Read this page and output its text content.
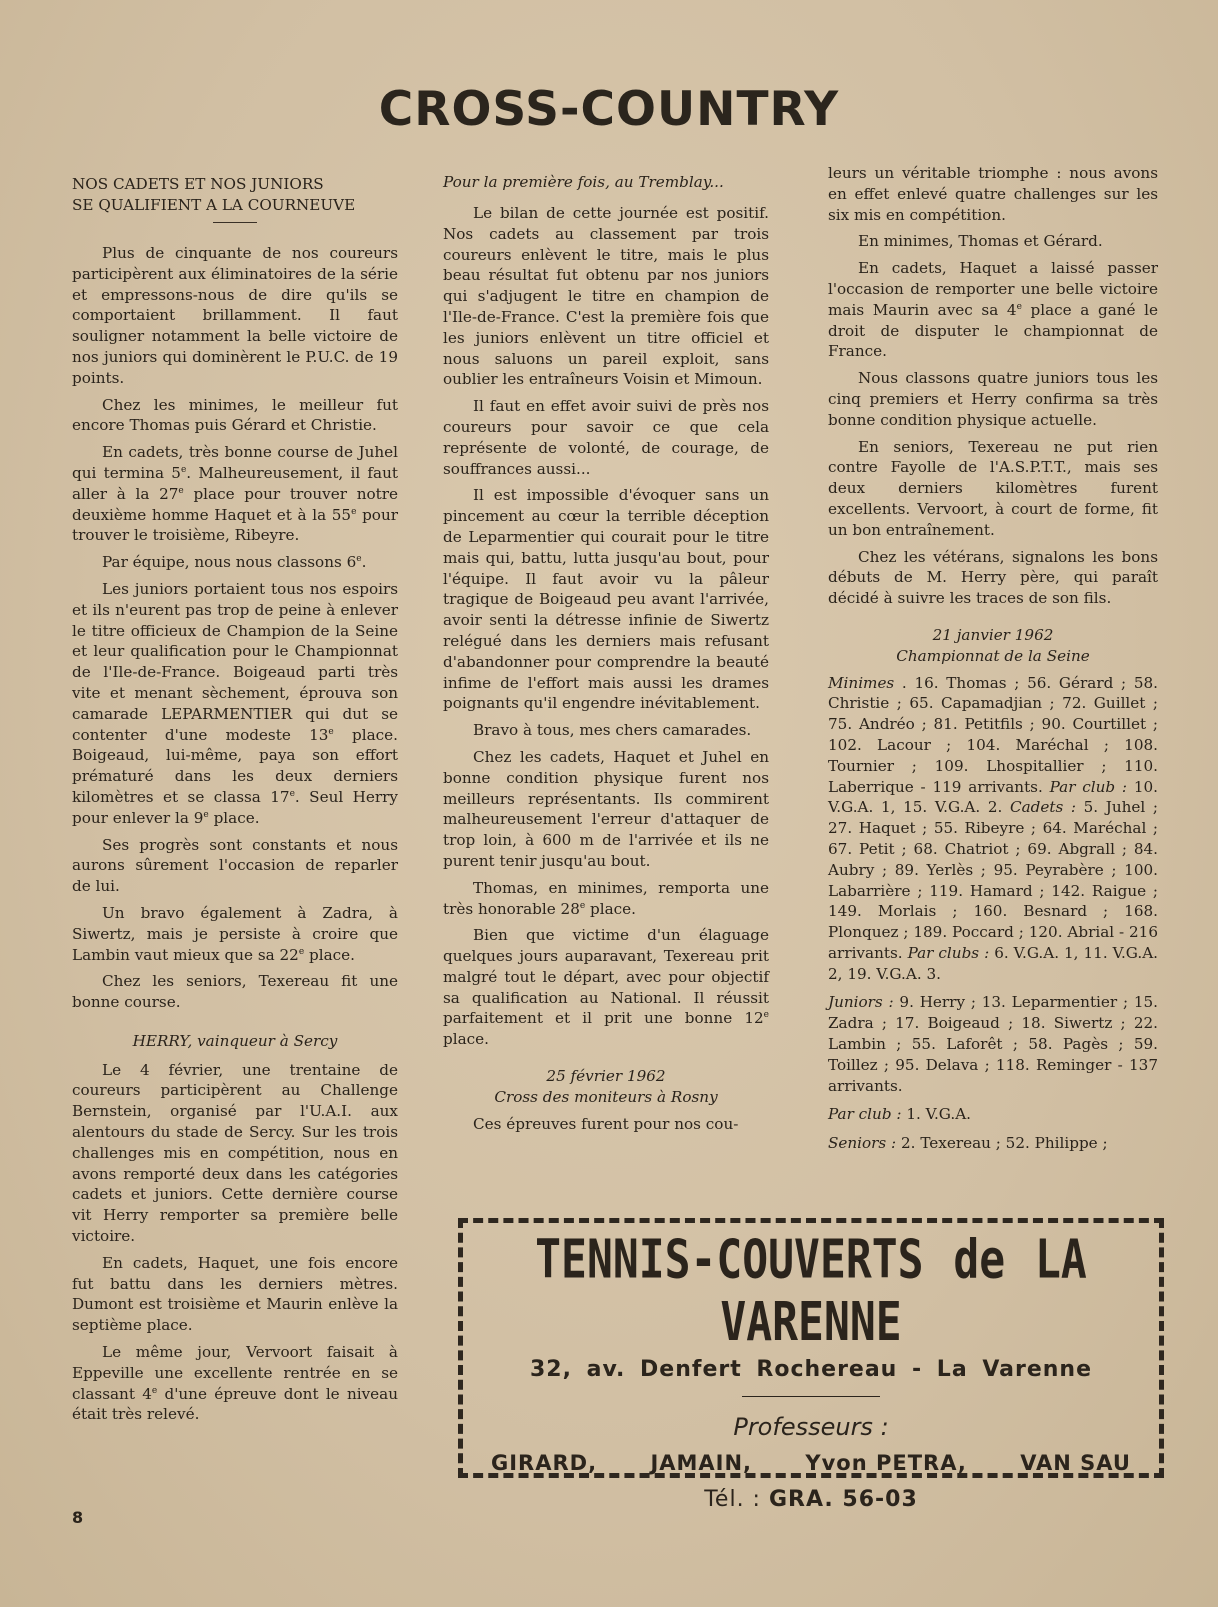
CROSS-COUNTRY

NOS CADETS ET NOS JUNIORS

SE QUALIFIENT A LA COURNEUVE

Plus de cinquante de nos coureurs participèrent aux éliminatoires de la série et empressons-nous de dire qu'ils se comportaient brillamment. Il faut souligner notamment la belle victoire de nos juniors qui dominèrent le P.U.C. de 19 points.

Chez les minimes, le meilleur fut encore Thomas puis Gérard et Christie.

En cadets, très bonne course de Juhel qui termina 5e. Malheureusement, il faut aller à la 27e place pour trouver notre deuxième homme Haquet et à la 55e pour trouver le troisième, Ribeyre.

Par équipe, nous nous classons 6e.

Les juniors portaient tous nos espoirs et ils n'eurent pas trop de peine à enlever le titre officieux de Champion de la Seine et leur qualification pour le Championnat de l'Ile-de-France. Boigeaud parti très vite et menant sèchement, éprouva son camarade LEPARMENTIER qui dut se contenter d'une modeste 13e place. Boigeaud, lui-même, paya son effort prématuré dans les deux derniers kilomètres et se classa 17e. Seul Herry pour enlever la 9e place.

Ses progrès sont constants et nous aurons sûrement l'occasion de reparler de lui.

Un bravo également à Zadra, à Siwertz, mais je persiste à croire que Lambin vaut mieux que sa 22e place.

Chez les seniors, Texereau fit une bonne course.

HERRY, vainqueur à Sercy

Le 4 février, une trentaine de coureurs participèrent au Challenge Bernstein, organisé par l'U.A.I. aux alentours du stade de Sercy. Sur les trois challenges mis en compétition, nous en avons remporté deux dans les catégories cadets et juniors. Cette dernière course vit Herry remporter sa première belle victoire.

En cadets, Haquet, une fois encore fut battu dans les derniers mètres. Dumont est troisième et Maurin enlève la septième place.

Le même jour, Vervoort faisait à Eppeville une excellente rentrée en se classant 4e d'une épreuve dont le niveau était très relevé.

Pour la première fois, au Tremblay...

Le bilan de cette journée est positif. Nos cadets au classement par trois coureurs enlèvent le titre, mais le plus beau résultat fut obtenu par nos juniors qui s'adjugent le titre en champion de l'Ile-de-France. C'est la première fois que les juniors enlèvent un titre officiel et nous saluons un pareil exploit, sans oublier les entraîneurs Voisin et Mimoun.

Il faut en effet avoir suivi de près nos coureurs pour savoir ce que cela représente de volonté, de courage, de souffrances aussi...

Il est impossible d'évoquer sans un pincement au cœur la terrible déception de Leparmentier qui courait pour le titre mais qui, battu, lutta jusqu'au bout, pour l'équipe. Il faut avoir vu la pâleur tragique de Boigeaud peu avant l'arrivée, avoir senti la détresse infinie de Siwertz relégué dans les derniers mais refusant d'abandonner pour comprendre la beauté infime de l'effort mais aussi les drames poignants qu'il engendre inévitablement.

Bravo à tous, mes chers camarades.

Chez les cadets, Haquet et Juhel en bonne condition physique furent nos meilleurs représentants. Ils commirent malheureusement l'erreur d'attaquer de trop loin, à 600 m de l'arrivée et ils ne purent tenir jusqu'au bout.

Thomas, en minimes, remporta une très honorable 28e place.

Bien que victime d'un élaguage quelques jours auparavant, Texereau prit malgré tout le départ, avec pour objectif sa qualification au National. Il réussit parfaitement et il prit une bonne 12e place.

25 février 1962

Cross des moniteurs à Rosny

Ces épreuves furent pour nos cou-

leurs un véritable triomphe : nous avons en effet enlevé quatre challenges sur les six mis en compétition.

En minimes, Thomas et Gérard.

En cadets, Haquet a laissé passer l'occasion de remporter une belle victoire mais Maurin avec sa 4e place a gané le droit de disputer le championnat de France.

Nous classons quatre juniors tous les cinq premiers et Herry confirma sa très bonne condition physique actuelle.

En seniors, Texereau ne put rien contre Fayolle de l'A.S.P.T.T., mais ses deux derniers kilomètres furent excellents. Vervoort, à court de forme, fit un bon entraînement.

Chez les vétérans, signalons les bons débuts de M. Herry père, qui paraît décidé à suivre les traces de son fils.

21 janvier 1962

Championnat de la Seine

Minimes . 16. Thomas ; 56. Gérard ; 58. Christie ; 65. Capamadjian ; 72. Guillet ; 75. Andréo ; 81. Petitfils ; 90. Courtillet ; 102. Lacour ; 104. Maréchal ; 108. Tournier ; 109. Lhospitallier ; 110. Laberrique - 119 arrivants. Par club : 10. V.G.A. 1, 15. V.G.A. 2. Cadets : 5. Juhel ; 27. Haquet ; 55. Ribeyre ; 64. Maréchal ; 67. Petit ; 68. Chatriot ; 69. Abgrall ; 84. Aubry ; 89. Yerlès ; 95. Peyrabère ; 100. Labarrière ; 119. Hamard ; 142. Raigue ; 149. Morlais ; 160. Besnard ; 168. Plonquez ; 189. Poccard ; 120. Abrial - 216 arrivants. Par clubs : 6. V.G.A. 1, 11. V.G.A. 2, 19. V.G.A. 3.

Juniors : 9. Herry ; 13. Leparmentier ; 15. Zadra ; 17. Boigeaud ; 18. Siwertz ; 22. Lambin ; 55. Laforêt ; 58. Pagès ; 59. Toillez ; 95. Delava ; 118. Reminger - 137 arrivants.

Par club : 1. V.G.A.

Seniors : 2. Texereau ; 52. Philippe ;

TENNIS-COUVERTS de LA VARENNE
32, av. Denfert Rochereau - La Varenne

Professeurs :

GIRARD,	JAMAIN,	Yvon PETRA,	VAN SAU
Tél. : GRA. 56-03

8
